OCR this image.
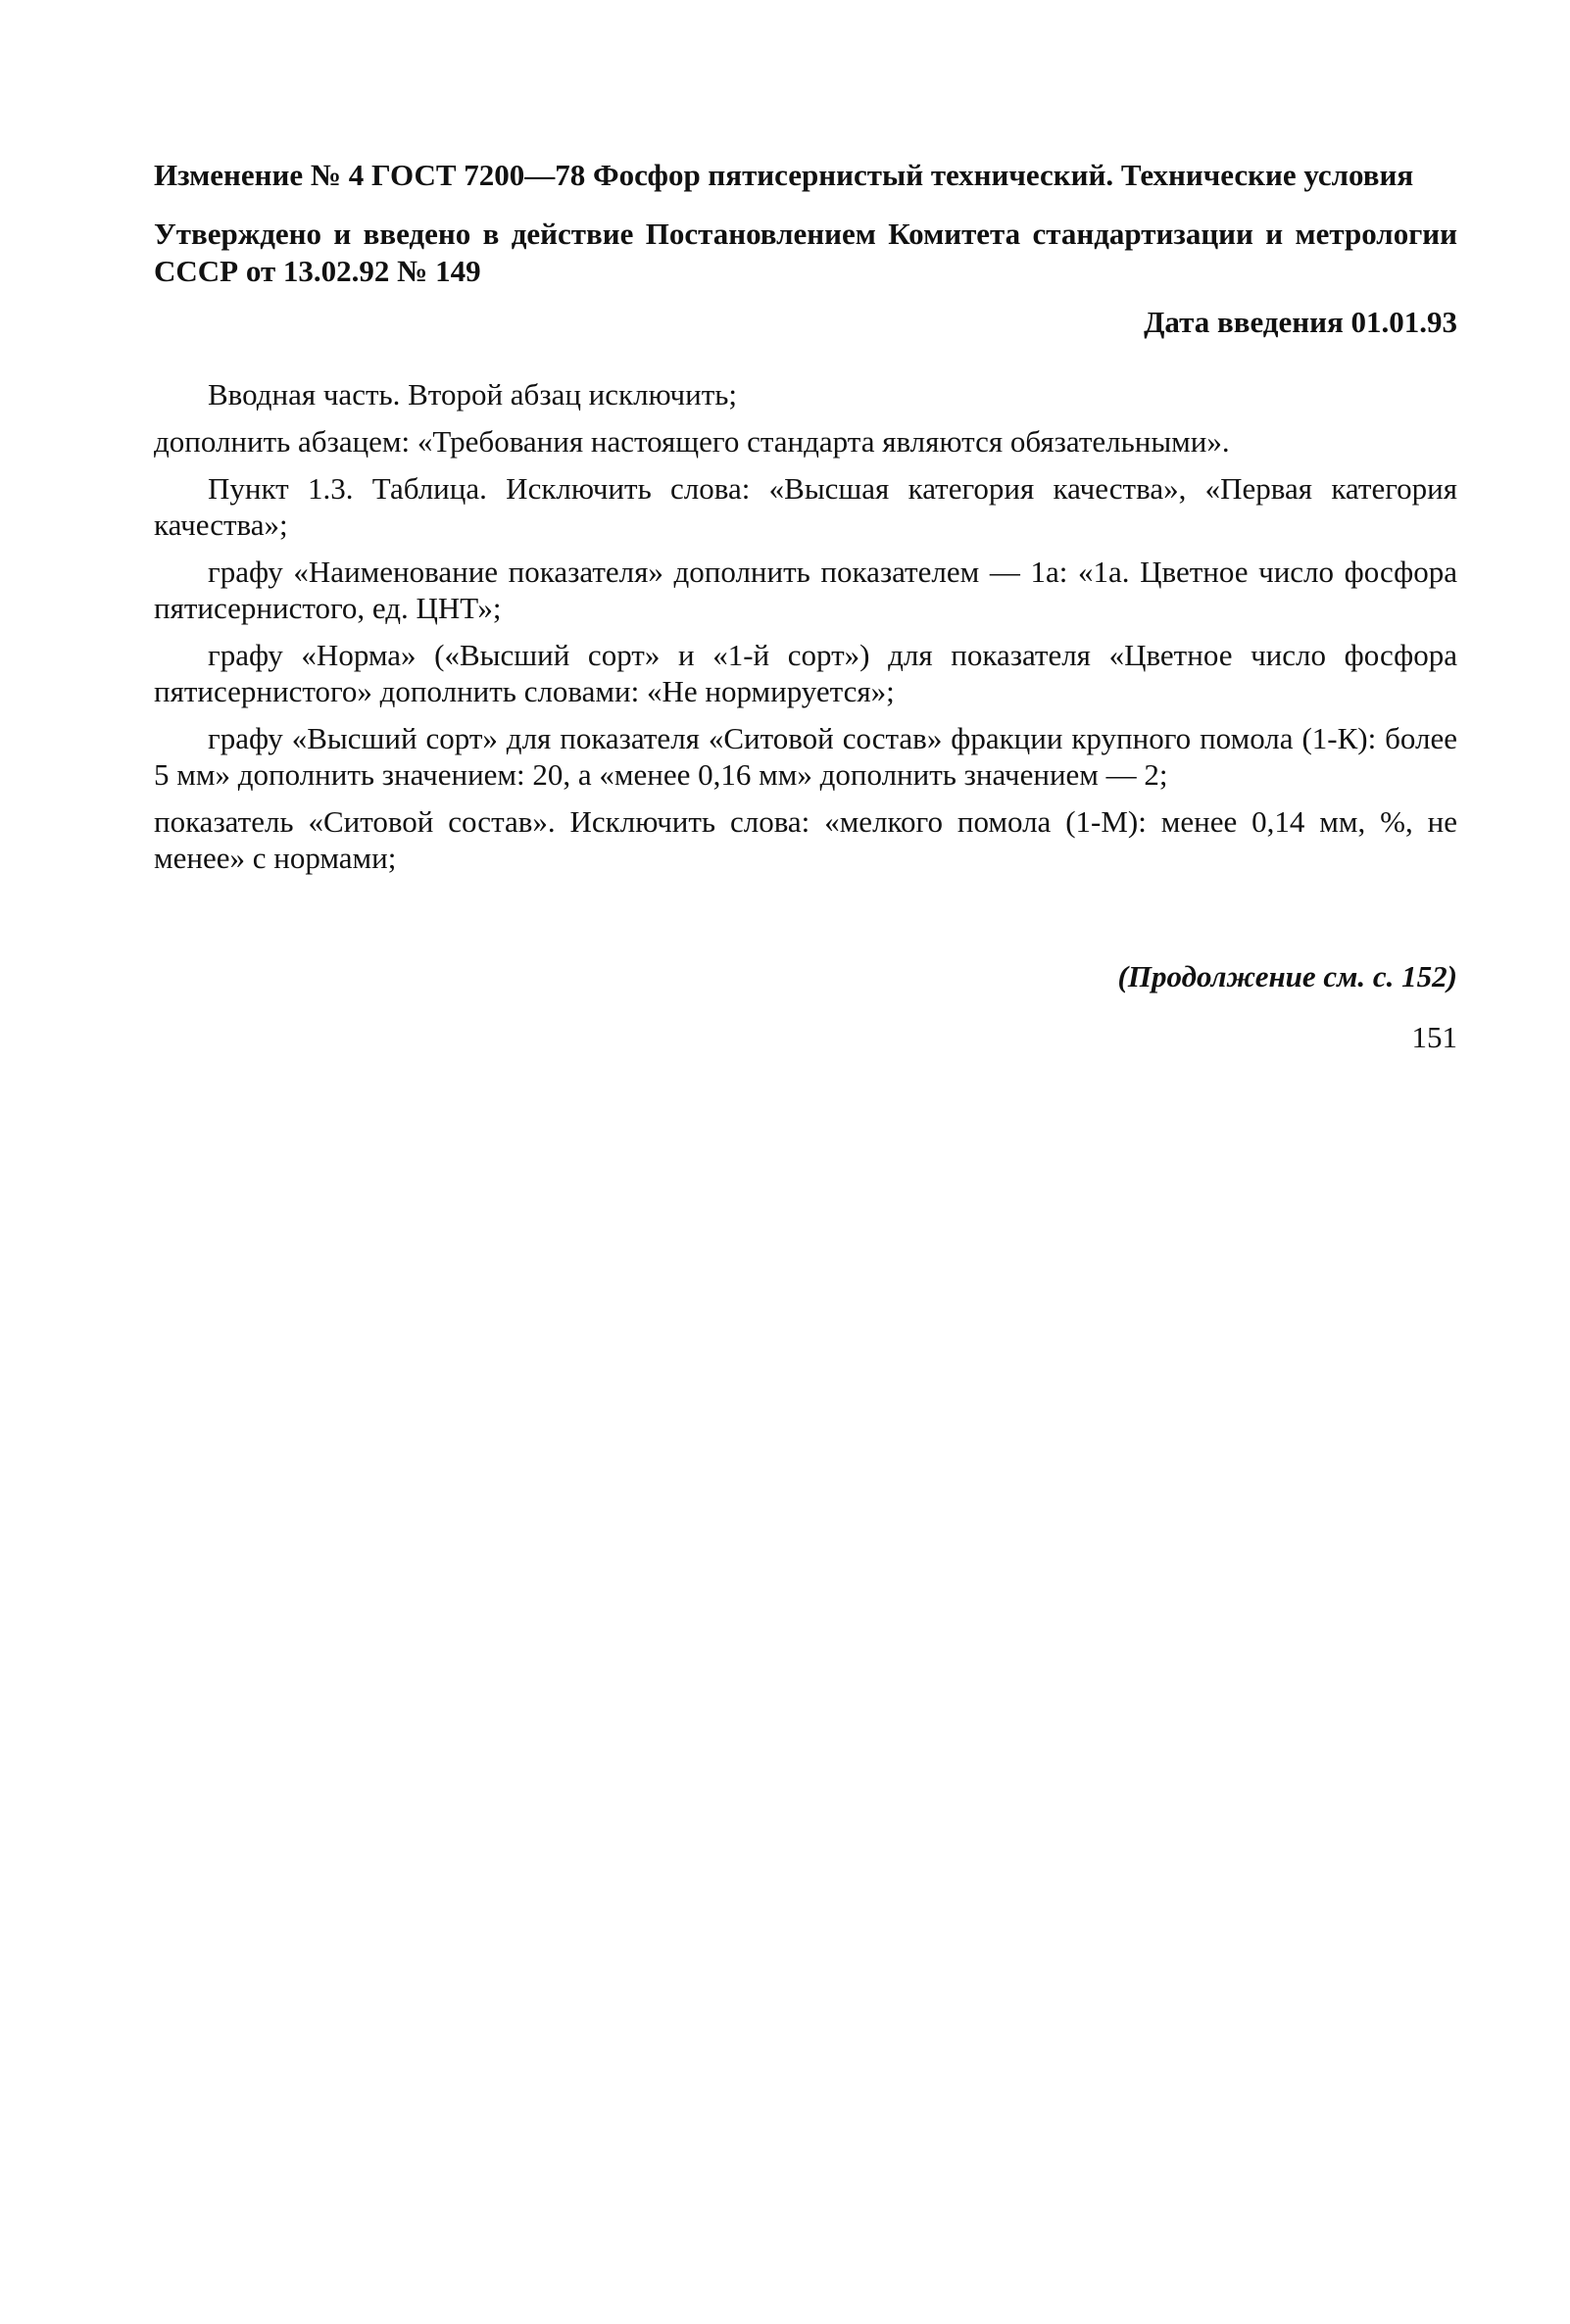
Изменение № 4 ГОСТ 7200—78 Фосфор пятисернистый технический. Технические условия

Утверждено и введено в действие Постановлением Комитета стандартизации и метрологии СССР от 13.02.92 № 149

Дата введения 01.01.93

Вводная часть. Второй абзац исключить;

дополнить абзацем: «Требования настоящего стандарта являются обязательными».

Пункт 1.3. Таблица. Исключить слова: «Высшая категория качества», «Первая категория качества»;

графу «Наименование показателя» дополнить показателем — 1а: «1а. Цветное число фосфора пятисернистого, ед. ЦНТ»;

графу «Норма» («Высший сорт» и «1-й сорт») для показателя «Цветное число фосфора пятисернистого» дополнить словами: «Не нормируется»;

графу «Высший сорт» для показателя «Ситовой состав» фракции крупного помола (1-К): более 5 мм» дополнить значением: 20, а «менее 0,16 мм» дополнить значением — 2;

показатель «Ситовой состав». Исключить слова: «мелкого помола (1-М): менее 0,14 мм, %, не менее» с нормами;

(Продолжение см. с. 152)
151
